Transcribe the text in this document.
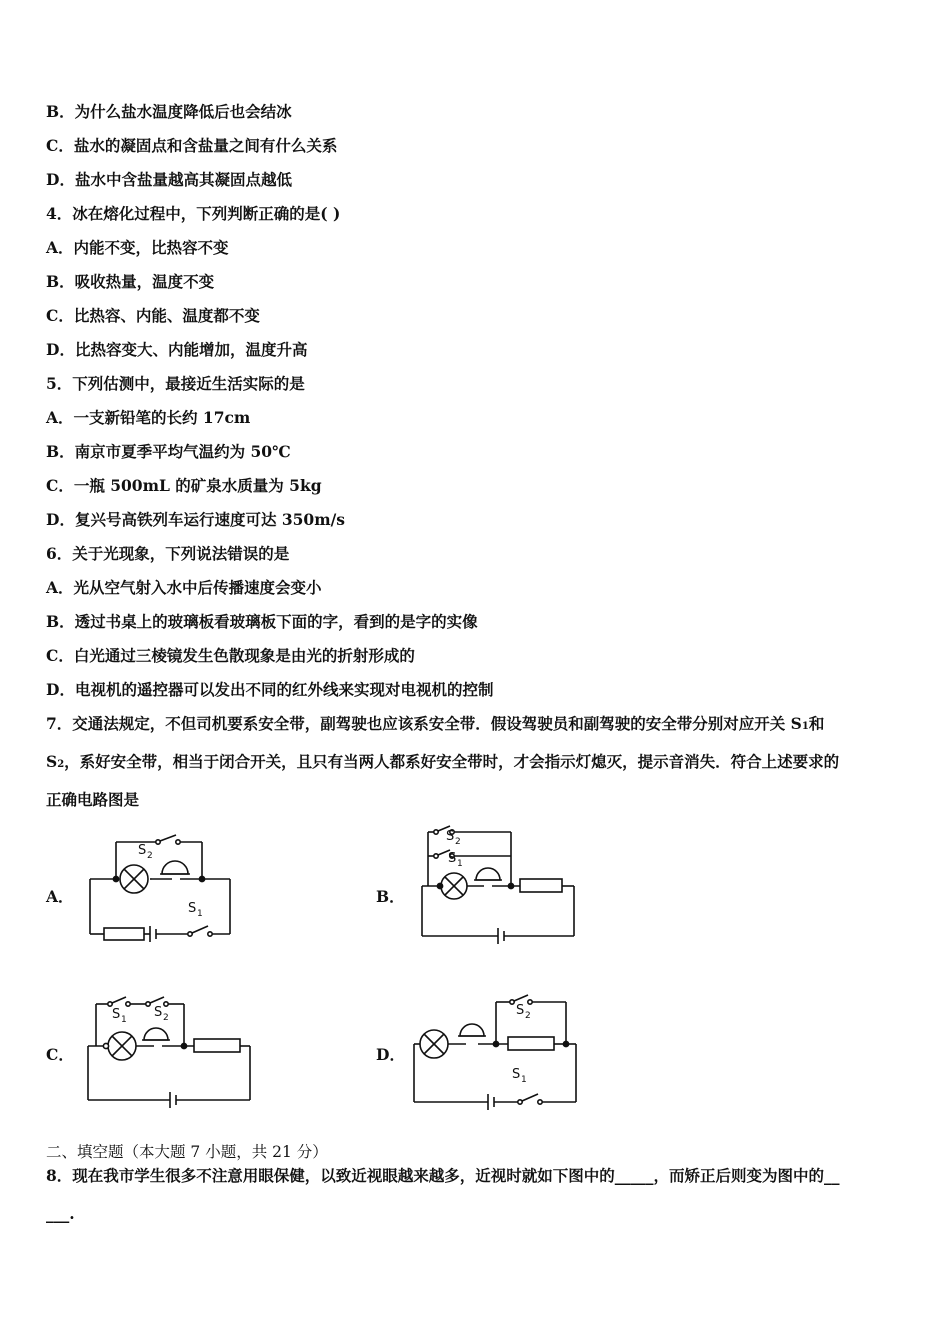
B．为什么盐水温度降低后也会结冰
C．盐水的凝固点和含盐量之间有什么关系
D．盐水中含盐量越高其凝固点越低
4．冰在熔化过程中，下列判断正确的是( )
A．内能不变，比热容不变
B．吸收热量，温度不变
C．比热容、内能、温度都不变
D．比热容变大、内能增加，温度升高
5．下列估测中，最接近生活实际的是
A．一支新铅笔的长约 17cm
B．南京市夏季平均气温约为 50℃
C．一瓶 500mL 的矿泉水质量为 5kg
D．复兴号高铁列车运行速度可达 350m/s
6．关于光现象，下列说法错误的是
A．光从空气射入水中后传播速度会变小
B．透过书桌上的玻璃板看玻璃板下面的字，看到的是字的实像
C．白光通过三棱镜发生色散现象是由光的折射形成的
D．电视机的遥控器可以发出不同的红外线来实现对电视机的控制
7．交通法规定，不但司机要系安全带，副驾驶也应该系安全带．假设驾驶员和副驾驶的安全带分别对应开关 S1和
S2，系好安全带，相当于闭合开关，且只有当两人都系好安全带时，才会指示灯熄灭，提示音消失．符合上述要求的
正确电路图是
A．	B．
C．	D．
S 2
S 1
S 1
S 2
S 1 S 2	S 2
S 1
二、填空题（本大题 7 小题，共 21 分）
8．现在我市学生很多不注意用眼保健，以致近视眼越来越多，近视时就如下图中的_____，而矫正后则变为图中的__
___.
